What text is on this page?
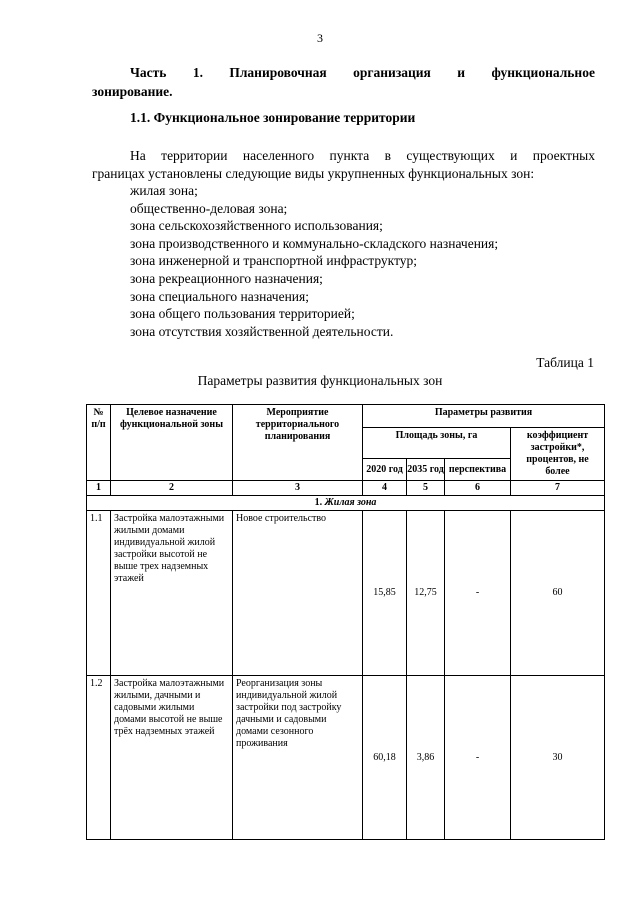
3
Часть 1. Планировочная организация и функциональное
зонирование.
1.1. Функциональное зонирование территории
На территории населенного пункта в существующих и проектных
границах установлены следующие виды укрупненных функциональных зон:
жилая зона;
общественно-деловая зона;
зона сельскохозяйственного использования;
зона производственного и коммунально-складского назначения;
зона инженерной и транспортной инфраструктур;
зона рекреационного назначения;
зона специального назначения;
зона общего пользования территорией;
зона отсутствия хозяйственной деятельности.
Таблица 1
Параметры развития функциональных зон
№ п/п	Целевое назначение функциональной зоны	Мероприятие территориального планирования	Параметры развития			
			Площадь зоны, га			коэффициент застройки*, процентов, не более
			2020 год	2035 год	перспектива	
1	2	3	4	5	6	7
1. Жилая зона						
1.1	Застройка малоэтажными жилыми домами индивидуальной жилой застройки высотой не выше трех надземных этажей	Новое строительство	15,85	12,75	-	60
1.2	Застройка малоэтажными жилыми, дачными и садовыми жилыми домами высотой не выше трёх надземных этажей	Реорганизация зоны индивидуальной жилой застройки под застройку дачными и садовыми домами сезонного проживания	60,18	3,86	-	30
